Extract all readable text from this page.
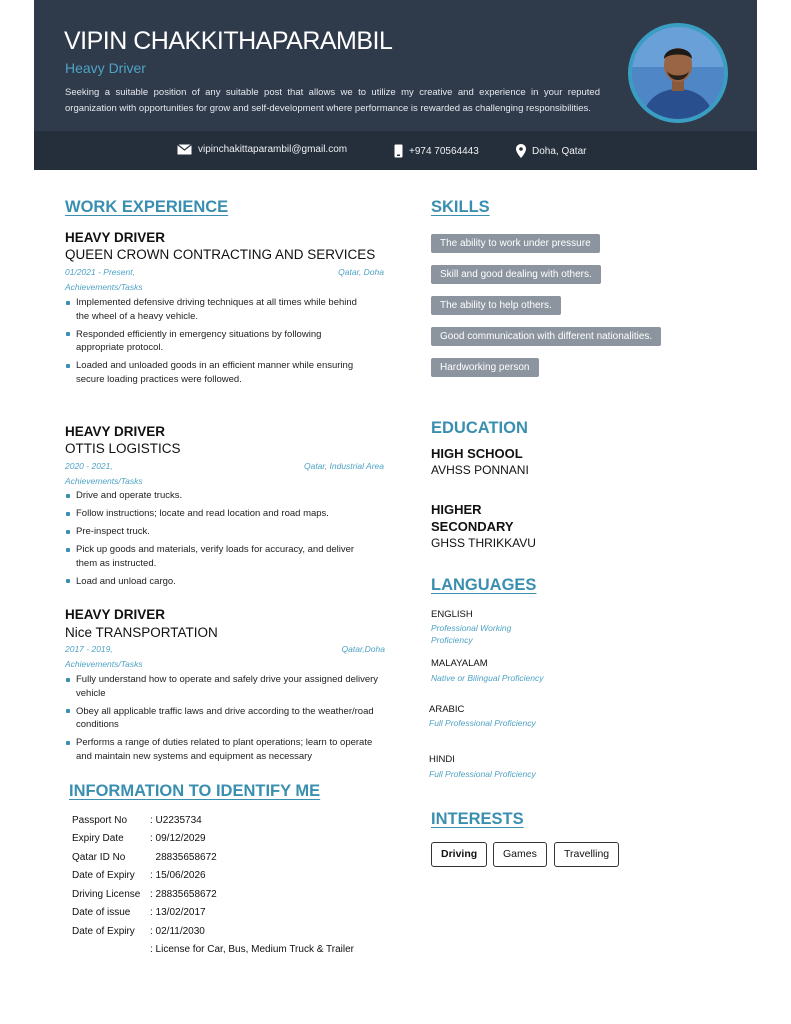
VIPIN CHAKKITHAPARAMBIL
Heavy Driver
Seeking a suitable position of any suitable post that allows we to utilize my creative and experience in your reputed organization with opportunities for grow and self-development where performance is rewarded as challenging responsibilities.
vipinchakittaparambil@gmail.com	+974 70564443	Doha, Qatar
WORK EXPERIENCE
HEAVY DRIVER
QUEEN CROWN CONTRACTING AND SERVICES
01/2021 - Present,	Qatar, Doha
Achievements/Tasks
Implemented defensive driving techniques at all times while behind the wheel of a heavy vehicle.
Responded efficiently in emergency situations by following appropriate protocol.
Loaded and unloaded goods in an efficient manner while ensuring secure loading practices were followed.
HEAVY DRIVER
OTTIS LOGISTICS
2020 - 2021,	Qatar, Industrial Area
Achievements/Tasks
Drive and operate trucks.
Follow instructions; locate and read location and road maps.
Pre-inspect truck.
Pick up goods and materials, verify loads for accuracy, and deliver them as instructed.
Load and unload cargo.
HEAVY DRIVER
Nice TRANSPORTATION
2017 - 2019,	Qatar,Doha
Achievements/Tasks
Fully understand how to operate and safely drive your assigned delivery vehicle
Obey all applicable traffic laws and drive according to the weather/road conditions
Performs a range of duties related to plant operations; learn to operate and maintain new systems and equipment as necessary
INFORMATION TO IDENTIFY ME
Passport No : U2235734
Expiry Date	: 09/12/2029
Qatar ID No  28835658672
Date of Expiry : 15/06/2026
Driving License : 28835658672
Date of issue : 13/02/2017
Date of Expiry : 02/11/2030
: License for Car, Bus, Medium Truck & Trailer
SKILLS
The ability to work under pressure
Skill and good dealing with others.
The ability to help others.
Good communication with different nationalities.
Hardworking person
EDUCATION
HIGH SCHOOL
AVHSS PONNANI
HIGHER SECONDARY
GHSS THRIKKAVU
LANGUAGES
ENGLISH
Professional Working Proficiency
MALAYALAM
Native or Bilingual Proficiency
ARABIC
Full Professional Proficiency
HINDI
Full Professional Proficiency
INTERESTS
Driving	Games	Travelling
